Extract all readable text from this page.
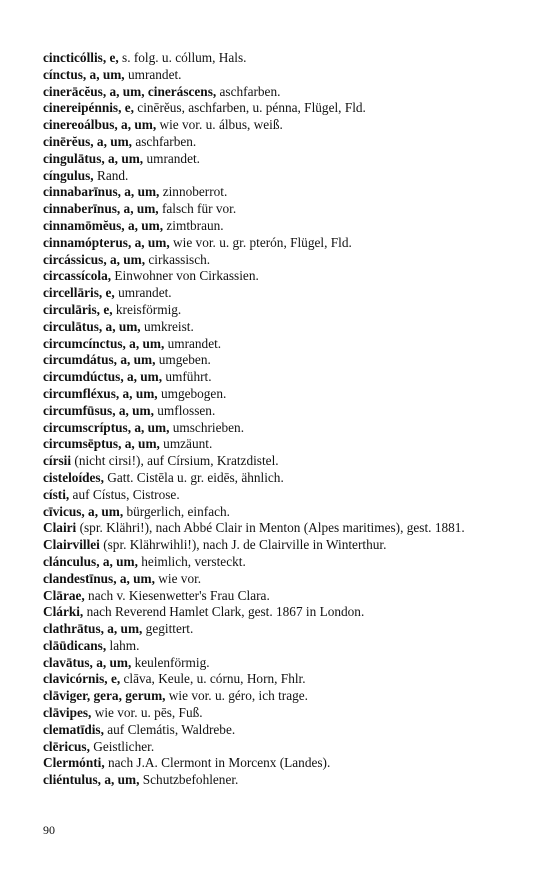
cincticóllis, e, s. folg. u. cóllum, Hals.
cínctus, a, um, umrandet.
cinerācĕus, a, um, cineráscens, aschfarben.
cinereipénnis, e, cinērĕus, aschfarben, u. pénna, Flügel, Fld.
cinereoálbus, a, um, wie vor. u. álbus, weiß.
cinērĕus, a, um, aschfarben.
cingulātus, a, um, umrandet.
cíngulus, Rand.
cinnabarīnus, a, um, zinnoberrot.
cinnaberīnus, a, um, falsch für vor.
cinnamōmĕus, a, um, zimtbraun.
cinnamópterus, a, um, wie vor. u. gr. pterón, Flügel, Fld.
circássicus, a, um, cirkassisch.
circassícola, Einwohner von Cirkassien.
circellāris, e, umrandet.
circulāris, e, kreisförmig.
circulātus, a, um, umkreist.
circumcínctus, a, um, umrandet.
circumdátus, a, um, umgeben.
circumdúctus, a, um, umführt.
circumfléxus, a, um, umgebogen.
circumfūsus, a, um, umflossen.
circumscríptus, a, um, umschrieben.
circumsēptus, a, um, umzäunt.
círsii (nicht cirsi!), auf Círsium, Kratzdistel.
cisteloídes, Gatt. Cistēla u. gr. eidēs, ähnlich.
císti, auf Cístus, Cistrose.
cīvicus, a, um, bürgerlich, einfach.
Clairi (spr. Klähri!), nach Abbé Clair in Menton (Alpes maritimes), gest. 1881.
Clairvillei (spr. Klährwihli!), nach J. de Clairville in Winterthur.
clánculus, a, um, heimlich, versteckt.
clandestīnus, a, um, wie vor.
Clārae, nach v. Kiesenwetter's Frau Clara.
Clárki, nach Reverend Hamlet Clark, gest. 1867 in London.
clathrātus, a, um, gegittert.
clāūdicans, lahm.
clavātus, a, um, keulenförmig.
clavicórnis, e, clāva, Keule, u. córnu, Horn, Fhlr.
clāviger, gera, gerum, wie vor. u. géro, ich trage.
clāvipes, wie vor. u. pēs, Fuß.
clematīdis, auf Clemátis, Waldrebe.
clēricus, Geistlicher.
Clermónti, nach J.A. Clermont in Morcenx (Landes).
cliéntulus, a, um, Schutzbefohlener.
90
